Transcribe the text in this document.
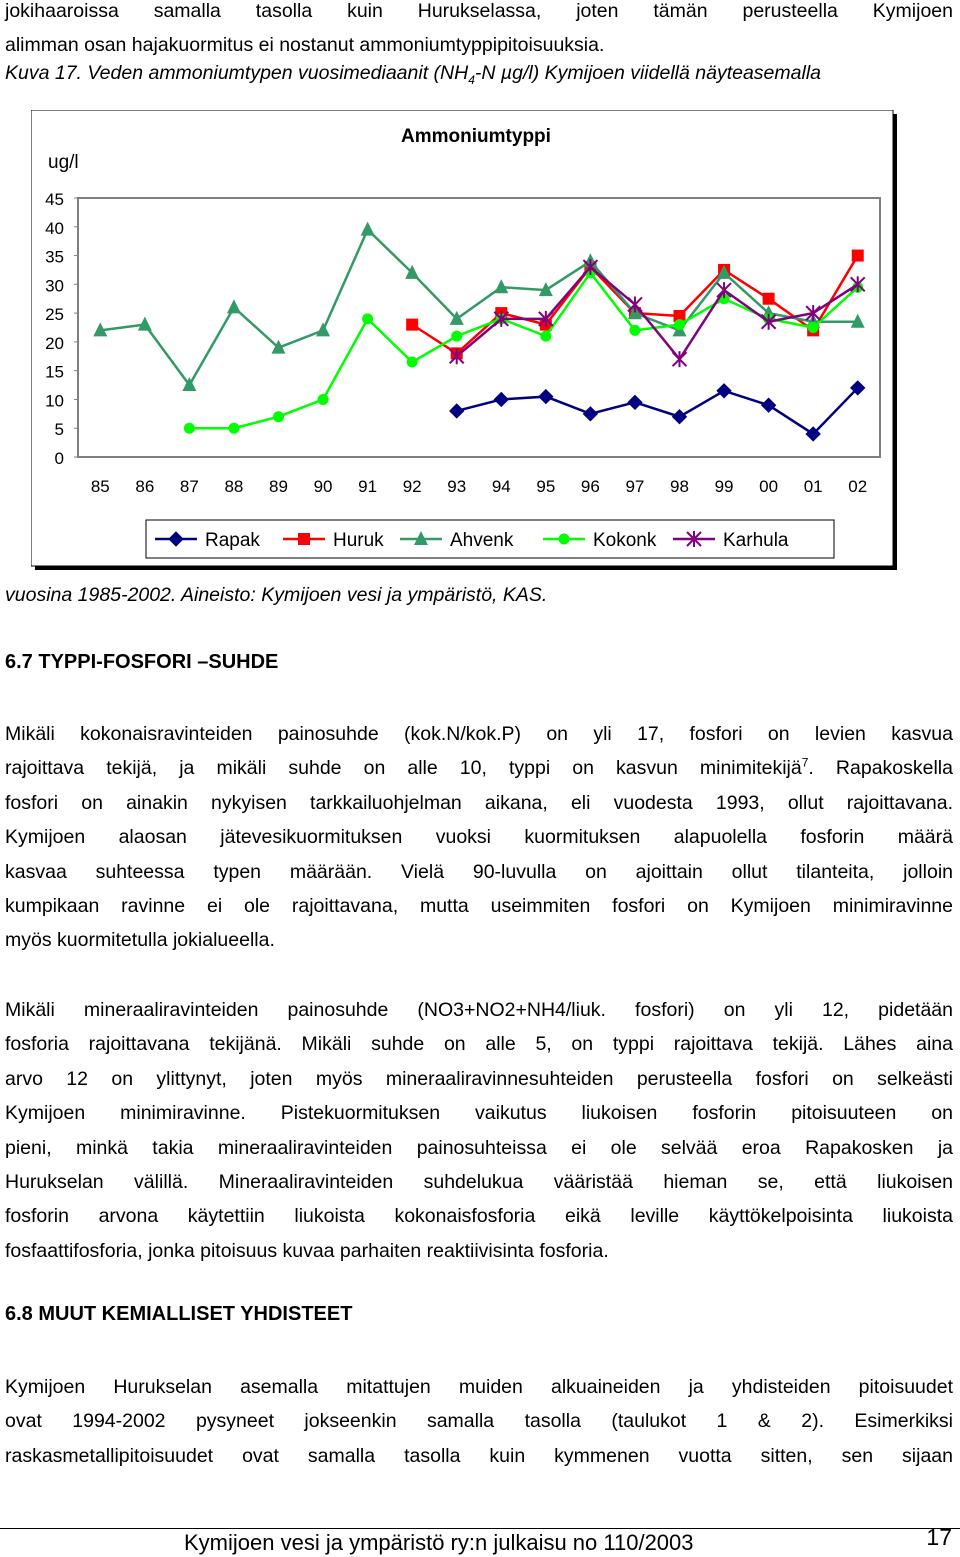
jokihaaroissa samalla tasolla kuin Hurukselassa, joten tämän perusteella Kymijoen
alimman osan hajakuormitus ei nostanut ammoniumtyppipitoisuuksia.

Kuva 17. Veden ammoniumtypen vuosimediaanit ($NH_4-N$ µg/l) Kymijoen viidellä näyteasemalla

Ammoniumtyppi
ug/l
45
40
35
30
25
20
15
10
5
0
85 86 87 88 89 90 91 92 93 94 95 96 97 98 99 00 01 02
Rapak	Huruk	Ahvenk	Kokonk	Karhula

vuosina 1985-2002. Aineisto: Kymijoen vesi ja ympäristö, KAS.

6.7 TYPPI-FOSFORI –SUHDE
Mikäli kokonaisravinteiden painosuhde (kok.N/kok.P) on yli 17, fosfori on levien kasvua
rajoittava tekijä, ja mikäli suhde on alle 10, typpi on kasvun minimitekijä$^7$. Rapakoskella
fosfori on ainakin nykyisen tarkkailuohjelman aikana, eli vuodesta 1993, ollut rajoittavana.
Kymijoen alaosan jätevesikuormituksen vuoksi kuormituksen alapuolella fosforin määrä
kasvaa suhteessa typen määrään. Vielä 90-luvulla on ajoittain ollut tilanteita, jolloin
kumpikaan ravinne ei ole rajoittavana, mutta useimmiten fosfori on Kymijoen minimiravinne
myös kuormitetulla jokialueella.
Mikäli mineraaliravinteiden painosuhde (NO3+NO2+NH4/liuk. fosfori) on yli 12, pidetään
fosforia rajoittavana tekijänä. Mikäli suhde on alle 5, on typpi rajoittava tekijä. Lähes aina
arvo 12 on ylittynyt, joten myös mineraaliravinnesuhteiden perusteella fosfori on selkeästi
Kymijoen minimiravinne. Pistekuormituksen vaikutus liukoisen fosforin pitoisuuteen on
pieni, minkä takia mineraaliravinteiden painosuhteissa ei ole selvää eroa Rapakosken ja
Hurukselan välillä. Mineraaliravinteiden suhdelukua vääristää hieman se, että liukoisen
fosforin arvona käytettiin liukoista kokonaisfosforia eikä leville käyttökelpoisinta liukoista
fosfaattifosforia, jonka pitoisuus kuvaa parhaiten reaktiivisinta fosforia.
6.8 MUUT KEMIALLISET YHDISTEET
Kymijoen Hurukselan asemalla mitattujen muiden alkuaineiden ja yhdisteiden pitoisuudet
ovat 1994-2002 pysyneet jokseenkin samalla tasolla (taulukot 1 & 2). Esimerkiksi
raskasmetallipitoisuudet ovat samalla tasolla kuin kymmenen vuotta sitten, sen sijaan

Kymijoen vesi ja ympäristö ry:n julkaisu no 110/2003	17
